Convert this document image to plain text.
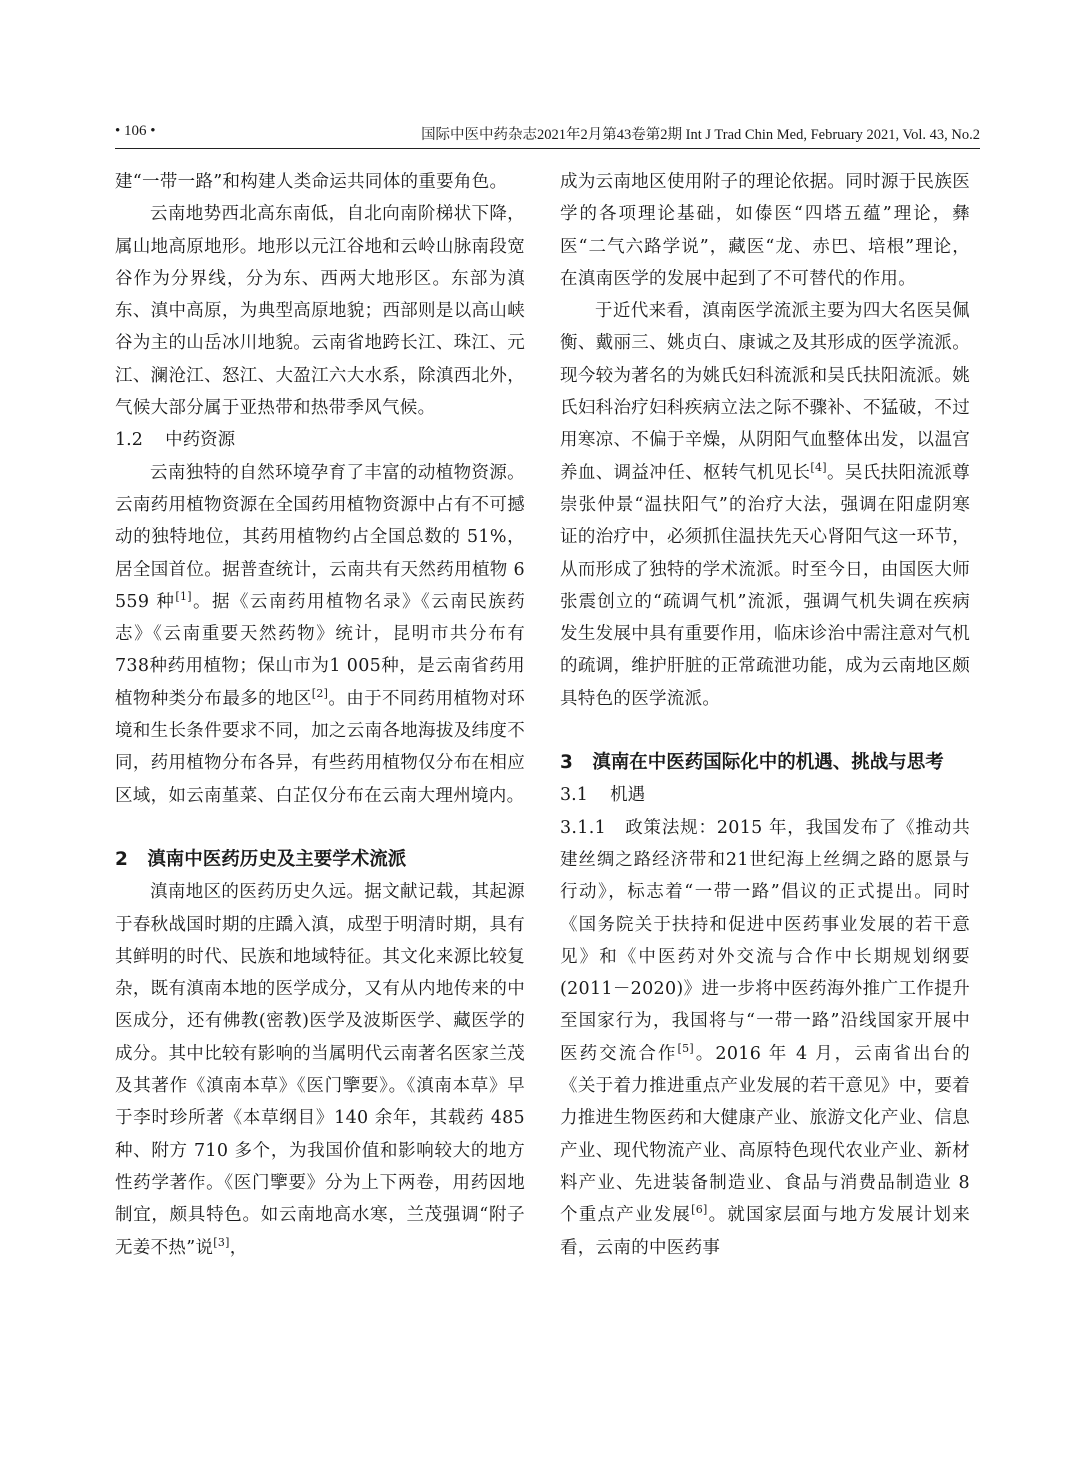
• 106 •	国际中医中药杂志2021年2月第43卷第2期 Int J Trad Chin Med, February 2021, Vol. 43, No.2

建“一带一路”和构建人类命运共同体的重要角色。

云南地势西北高东南低，自北向南阶梯状下降，属山地高原地形。地形以元江谷地和云岭山脉南段宽谷作为分界线，分为东、西两大地形区。东部为滇东、滇中高原，为典型高原地貌；西部则是以高山峡谷为主的山岳冰川地貌。云南省地跨长江、珠江、元江、澜沧江、怒江、大盈江六大水系，除滇西北外，气候大部分属于亚热带和热带季风气候。

1.2 中药资源

云南独特的自然环境孕育了丰富的动植物资源。云南药用植物资源在全国药用植物资源中占有不可撼动的独特地位，其药用植物约占全国总数的 51%，居全国首位。据普查统计，云南共有天然药用植物 6 559 种[1]。据《云南药用植物名录》《云南民族药志》《云南重要天然药物》统计，昆明市共分布有738种药用植物；保山市为1 005种，是云南省药用植物种类分布最多的地区[2]。由于不同药用植物对环境和生长条件要求不同，加之云南各地海拔及纬度不同，药用植物分布各异，有些药用植物仅分布在相应区域，如云南堇菜、白芷仅分布在云南大理州境内。

2 滇南中医药历史及主要学术流派

滇南地区的医药历史久远。据文献记载，其起源于春秋战国时期的庄蹻入滇，成型于明清时期，具有其鲜明的时代、民族和地域特征。其文化来源比较复杂，既有滇南本地的医学成分，又有从内地传来的中医成分，还有佛教(密教)医学及波斯医学、藏医学的成分。其中比较有影响的当属明代云南著名医家兰茂及其著作《滇南本草》《医门擥要》。《滇南本草》早于李时珍所著《本草纲目》140 余年，其载药 485 种、附方 710 多个，为我国价值和影响较大的地方性药学著作。《医门擥要》分为上下两卷，用药因地制宜，颇具特色。如云南地高水寒，兰茂强调“附子无姜不热”说[3]，

成为云南地区使用附子的理论依据。同时源于民族医学的各项理论基础，如傣医“四塔五蕴”理论，彝医“二气六路学说”，藏医“龙、赤巴、培根”理论，在滇南医学的发展中起到了不可替代的作用。

于近代来看，滇南医学流派主要为四大名医吴佩衡、戴丽三、姚贞白、康诚之及其形成的医学流派。现今较为著名的为姚氏妇科流派和吴氏扶阳流派。姚氏妇科治疗妇科疾病立法之际不骤补、不猛破，不过用寒凉、不偏于辛燥，从阴阳气血整体出发，以温宫养血、调益冲任、枢转气机见长[4]。吴氏扶阳流派尊崇张仲景“温扶阳气”的治疗大法，强调在阳虚阴寒证的治疗中，必须抓住温扶先天心肾阳气这一环节，从而形成了独特的学术流派。时至今日，由国医大师张震创立的“疏调气机”流派，强调气机失调在疾病发生发展中具有重要作用，临床诊治中需注意对气机的疏调，维护肝脏的正常疏泄功能，成为云南地区颇具特色的医学流派。

3 滇南在中医药国际化中的机遇、挑战与思考

3.1 机遇

3.1.1 政策法规：2015 年，我国发布了《推动共建丝绸之路经济带和21世纪海上丝绸之路的愿景与行动》，标志着“一带一路”倡议的正式提出。同时《国务院关于扶持和促进中医药事业发展的若干意见》和《中医药对外交流与合作中长期规划纲要(2011－2020)》进一步将中医药海外推广工作提升至国家行为，我国将与“一带一路”沿线国家开展中医药交流合作[5]。2016 年 4 月，云南省出台的《关于着力推进重点产业发展的若干意见》中，要着力推进生物医药和大健康产业、旅游文化产业、信息产业、现代物流产业、高原特色现代农业产业、新材料产业、先进装备制造业、食品与消费品制造业 8 个重点产业发展[6]。就国家层面与地方发展计划来看，云南的中医药事
